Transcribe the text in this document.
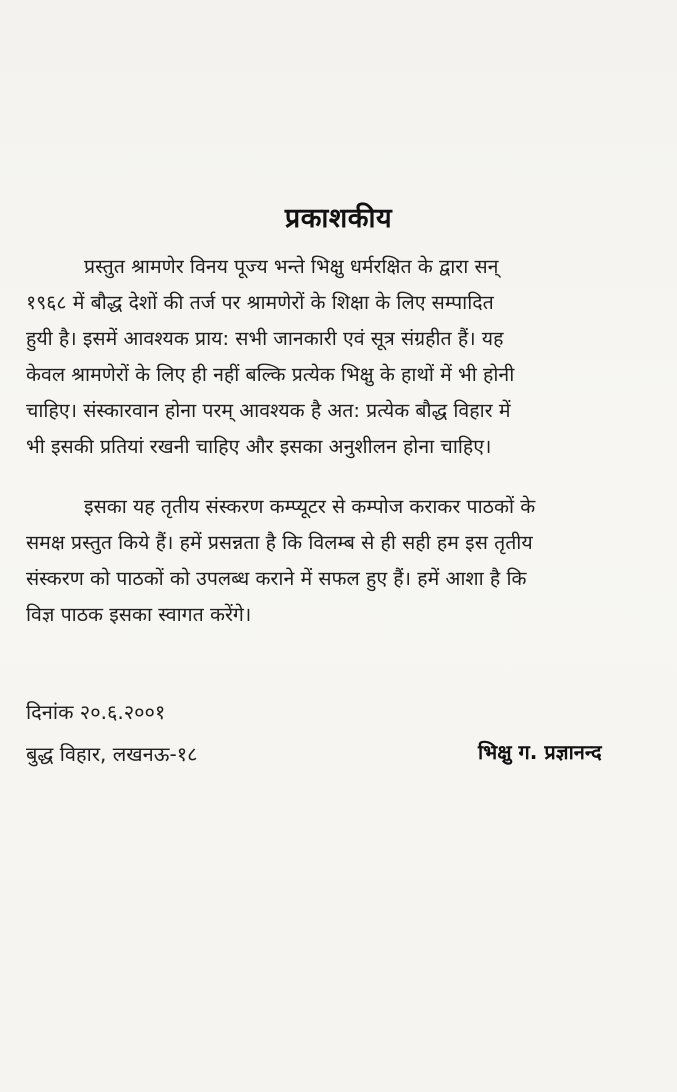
प्रकाशकीय

प्रस्तुत श्रामणेर विनय पूज्य भन्ते भिक्षु धर्मरक्षित के द्वारा सन्
१९६८ में बौद्ध देशों की तर्ज पर श्रामणेरों के शिक्षा के लिए सम्पादित
हुयी है। इसमें आवश्यक प्राय: सभी जानकारी एवं सूत्र संग्रहीत हैं। यह
केवल श्रामणेरों के लिए ही नहीं बल्कि प्रत्येक भिक्षु के हाथों में भी होनी
चाहिए। संस्कारवान होना परम् आवश्यक है अत: प्रत्येक बौद्ध विहार में
भी इसकी प्रतियां रखनी चाहिए और इसका अनुशीलन होना चाहिए।

इसका यह तृतीय संस्करण कम्प्यूटर से कम्पोज कराकर पाठकों के
समक्ष प्रस्तुत किये हैं। हमें प्रसन्नता है कि विलम्ब से ही सही हम इस तृतीय
संस्करण को पाठकों को उपलब्ध कराने में सफल हुए हैं। हमें आशा है कि
विज्ञ पाठक इसका स्वागत करेंगे।

दिनांक २०.६.२००१
बुद्ध विहार, लखनऊ-१८	भिक्षु ग. प्रज्ञानन्द
